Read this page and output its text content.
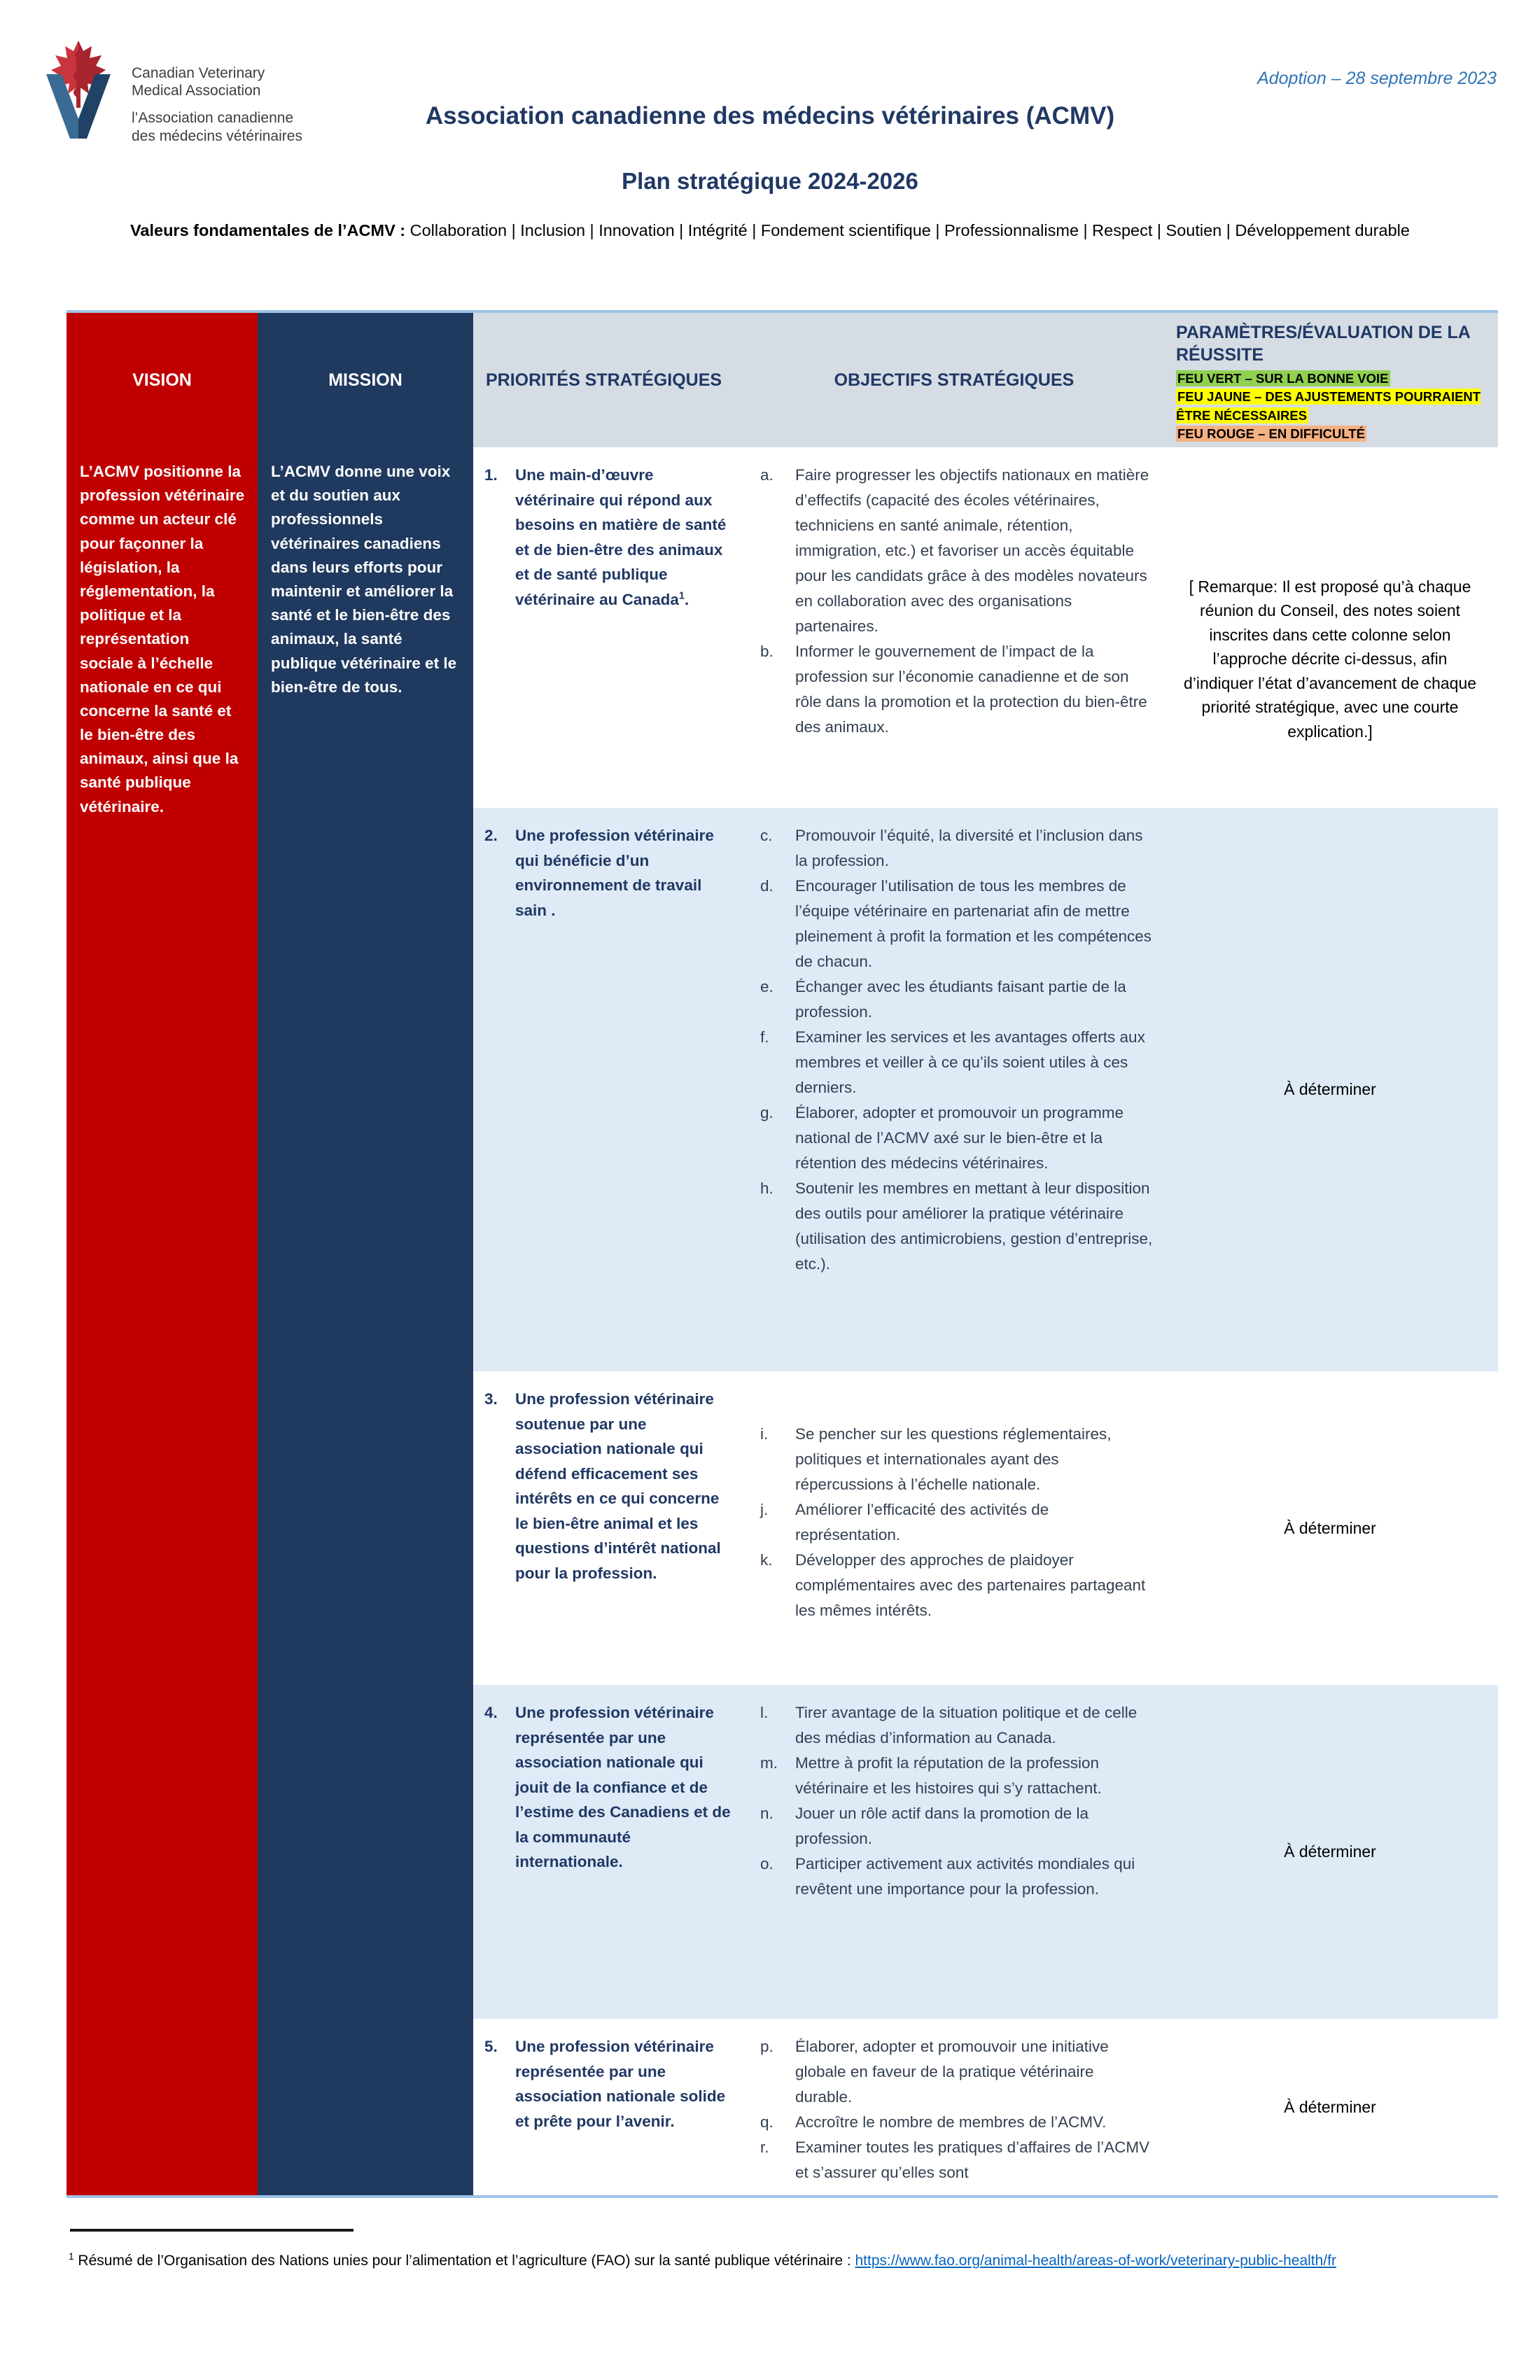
Canadian Veterinary
Medical Association
l’Association canadienne
des médecins vétérinaires
Adoption – 28 septembre 2023
Association canadienne des médecins vétérinaires (ACMV)
Plan stratégique 2024-2026
Valeurs fondamentales de l’ACMV : Collaboration | Inclusion | Innovation | Intégrité | Fondement scientifique | Professionnalisme | Respect | Soutien | Développement durable
VISION
L’ACMV positionne la profession vétérinaire comme un acteur clé pour façonner la législation, la réglementation, la politique et la représentation sociale à l’échelle nationale en ce qui concerne la santé et le bien-être des animaux, ainsi que la santé publique vétérinaire.
MISSION
L’ACMV donne une voix et du soutien aux professionnels vétérinaires canadiens dans leurs efforts pour maintenir et améliorer la santé et le bien-être des animaux, la santé publique vétérinaire et le bien-être de tous.
PRIORITÉS STRATÉGIQUES	OBJECTIFS STRATÉGIQUES
PARAMÈTRES/ÉVALUATION DE LA RÉUSSITE
FEU VERT – SUR LA BONNE VOIE
FEU JAUNE – DES AJUSTEMENTS POURRAIENT ÊTRE NÉCESSAIRES
FEU ROUGE – EN DIFFICULTÉ
1.	Une main-d’œuvre vétérinaire qui répond aux besoins en matière de santé et de bien-être des animaux et de santé publique vétérinaire au Canada$^1$.
a.	Faire progresser les objectifs nationaux en matière d’effectifs (capacité des écoles vétérinaires, techniciens en santé animale, rétention, immigration, etc.) et favoriser un accès équitable pour les candidats grâce à des modèles novateurs en collaboration avec des organisations partenaires.
b.	Informer le gouvernement de l’impact de la profession sur l’économie canadienne et de son rôle dans la promotion et la protection du bien-être des animaux.
[ Remarque: Il est proposé qu’à chaque réunion du Conseil, des notes soient inscrites dans cette colonne selon l’approche décrite ci-dessus, afin d’indiquer l’état d’avancement de chaque priorité stratégique, avec une courte explication.]
2.	Une profession vétérinaire qui bénéficie d’un environnement de travail sain .
c.	Promouvoir l’équité, la diversité et l’inclusion dans la profession.
d.	Encourager l’utilisation de tous les membres de l’équipe vétérinaire en partenariat afin de mettre pleinement à profit la formation et les compétences de chacun.
e.	Échanger avec les étudiants faisant partie de la profession.
f.	Examiner les services et les avantages offerts aux membres et veiller à ce qu’ils soient utiles à ces derniers.
g.	Élaborer, adopter et promouvoir un programme national de l’ACMV axé sur le bien-être et la rétention des médecins vétérinaires.
h.	Soutenir les membres en mettant à leur disposition des outils pour améliorer la pratique vétérinaire (utilisation des antimicrobiens, gestion d’entreprise, etc.).
À déterminer
3.	Une profession vétérinaire soutenue par une association nationale qui défend efficacement ses intérêts en ce qui concerne le bien-être animal et les questions d’intérêt national pour la profession.
i.	Se pencher sur les questions réglementaires, politiques et internationales ayant des répercussions à l’échelle nationale.
j.	Améliorer l’efficacité des activités de représentation.
k.	Développer des approches de plaidoyer complémentaires avec des partenaires partageant les mêmes intérêts.
À déterminer
4.	Une profession vétérinaire représentée par une association nationale qui jouit de la confiance et de l’estime des Canadiens et de la communauté internationale.
l.	Tirer avantage de la situation politique et de celle des médias d’information au Canada.
m.	Mettre à profit la réputation de la profession vétérinaire et les histoires qui s’y rattachent.
n.	Jouer un rôle actif dans la promotion de la profession.
o.	Participer activement aux activités mondiales qui revêtent une importance pour la profession.
À déterminer
5.	Une profession vétérinaire représentée par une association nationale solide et prête pour l’avenir.
p.	Élaborer, adopter et promouvoir une initiative globale en faveur de la pratique vétérinaire durable.
q.	Accroître le nombre de membres de l’ACMV.
r.	Examiner toutes les pratiques d’affaires de l’ACMV et s’assurer qu’elles sont
À déterminer
$^1$ Résumé de l’Organisation des Nations unies pour l’alimentation et l’agriculture (FAO) sur la santé publique vétérinaire : https://www.fao.org/animal-health/areas-of-work/veterinary-public-health/fr
